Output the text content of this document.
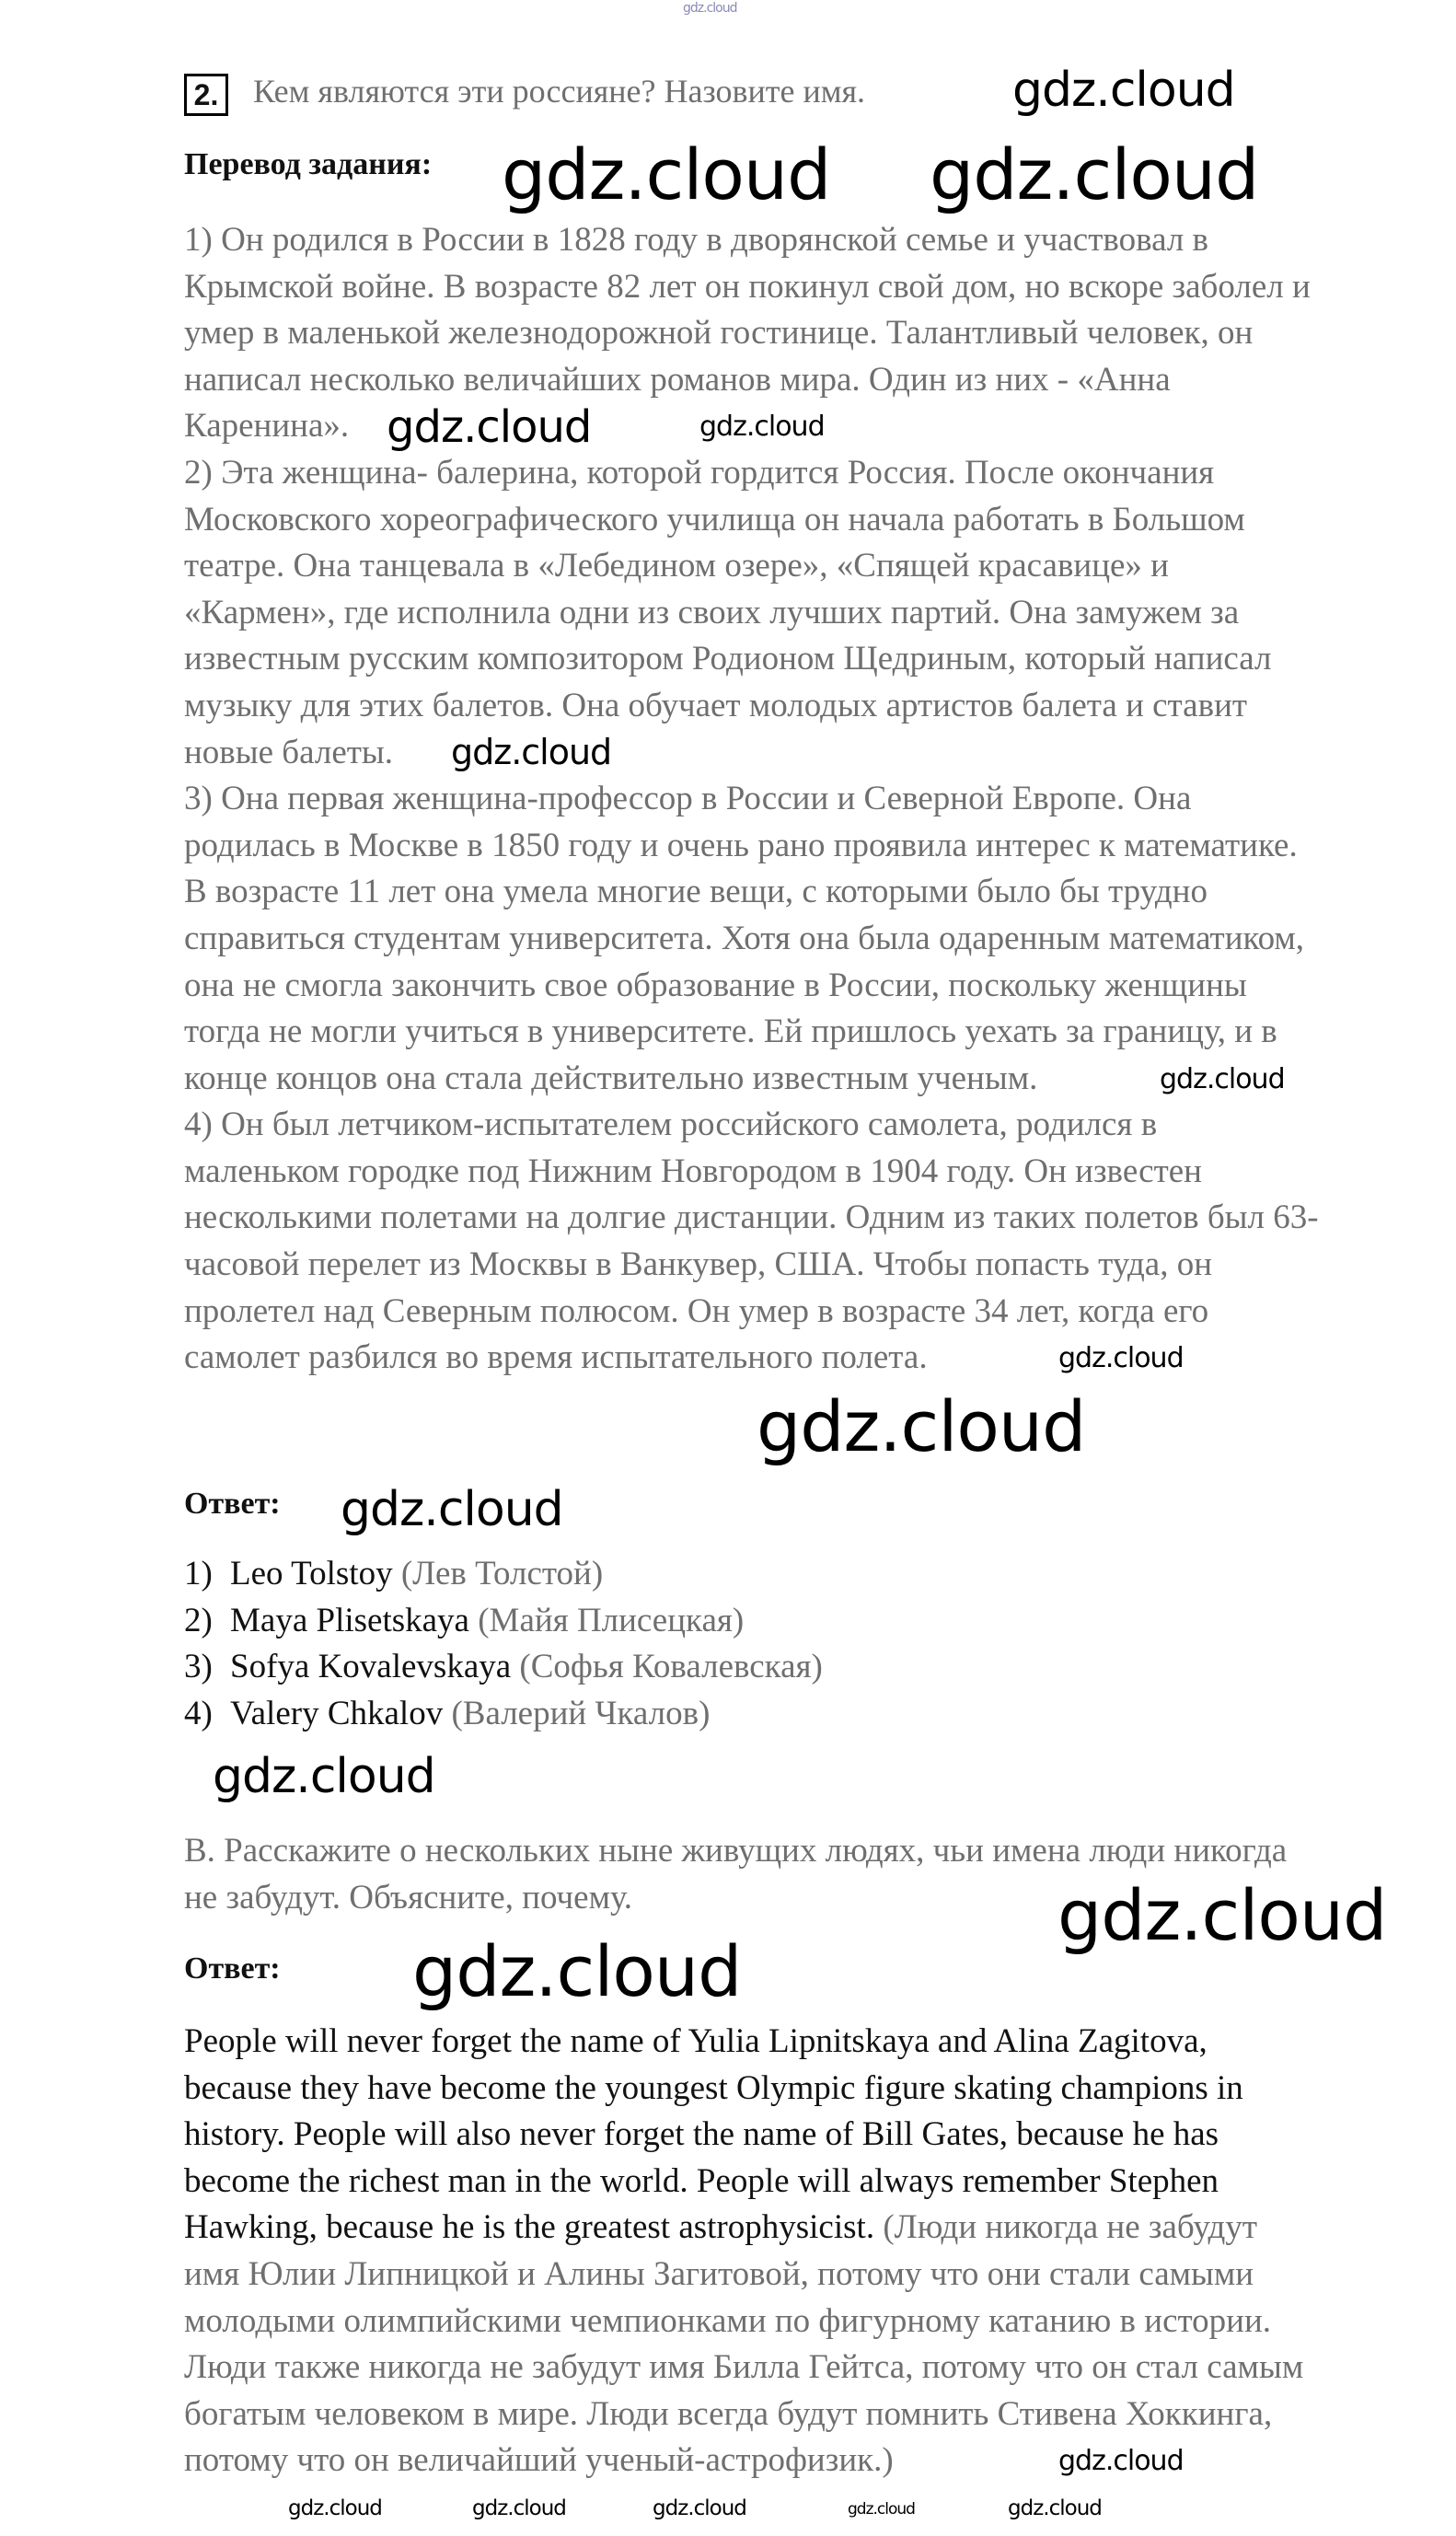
2. Кем являются эти россияне? Назовите имя.
Перевод задания:
1) Он родился в России в 1828 году в дворянской семье и участвовал в
Крымской войне. В возрасте 82 лет он покинул свой дом, но вскоре заболел и
умер в маленькой железнодорожной гостинице. Талантливый человек, он
написал несколько величайших романов мира. Один из них - «Анна
Каренина».
2) Эта женщина- балерина, которой гордится Россия. После окончания
Московского хореографического училища он начала работать в Большом
театре. Она танцевала в «Лебедином озере», «Спящей красавице» и
«Кармен», где исполнила одни из своих лучших партий. Она замужем за
известным русским композитором Родионом Щедриным, который написал
музыку для этих балетов. Она обучает молодых артистов балета и ставит
новые балеты.
3) Она первая женщина-профессор в России и Северной Европе. Она
родилась в Москве в 1850 году и очень рано проявила интерес к математике.
В возрасте 11 лет она умела многие вещи, с которыми было бы трудно
справиться студентам университета. Хотя она была одаренным математиком,
она не смогла закончить свое образование в России, поскольку женщины
тогда не могли учиться в университете. Ей пришлось уехать за границу, и в
конце концов она стала действительно известным ученым.
4) Он был летчиком-испытателем российского самолета, родился в
маленьком городке под Нижним Новгородом в 1904 году. Он известен
несколькими полетами на долгие дистанции. Одним из таких полетов был 63-
часовой перелет из Москвы в Ванкувер, США. Чтобы попасть туда, он
пролетел над Северным полюсом. Он умер в возрасте 34 лет, когда его
самолет разбился во время испытательного полета.
Ответ:
1) Leo Tolstoy (Лев Толстой)
2) Maya Plisetskaya (Майя Плисецкая)
3) Sofya Kovalevskaya (Софья Ковалевская)
4) Valery Chkalov (Валерий Чкалов)
B. Расскажите о нескольких ныне живущих людях, чьи имена люди никогда
не забудут. Объясните, почему.
Ответ:
People will never forget the name of Yulia Lipnitskaya and Alina Zagitova,
because they have become the youngest Olympic figure skating champions in
history. People will also never forget the name of Bill Gates, because he has
become the richest man in the world. People will always remember Stephen
Hawking, because he is the greatest astrophysicist. (Люди никогда не забудут
имя Юлии Липницкой и Алины Загитовой, потому что они стали самыми
молодыми олимпийскими чемпионками по фигурному катанию в истории.
Люди также никогда не забудут имя Билла Гейтса, потому что он стал самым
богатым человеком в мире. Люди всегда будут помнить Стивена Хоккинга,
потому что он величайший ученый-астрофизик.)
gdz.cloud
gdz.cloud
gdz.cloud gdz.cloud
gdz.cloud	gdz.cloud
gdz.cloud
gdz.cloud
gdz.cloud
gdz.cloud
gdz.cloud
gdz.cloud
gdz.cloud
gdz.cloud
gdz.cloud
gdz.cloud	gdz.cloud	gdz.cloud	gdz.cloud
gdz.cloud
